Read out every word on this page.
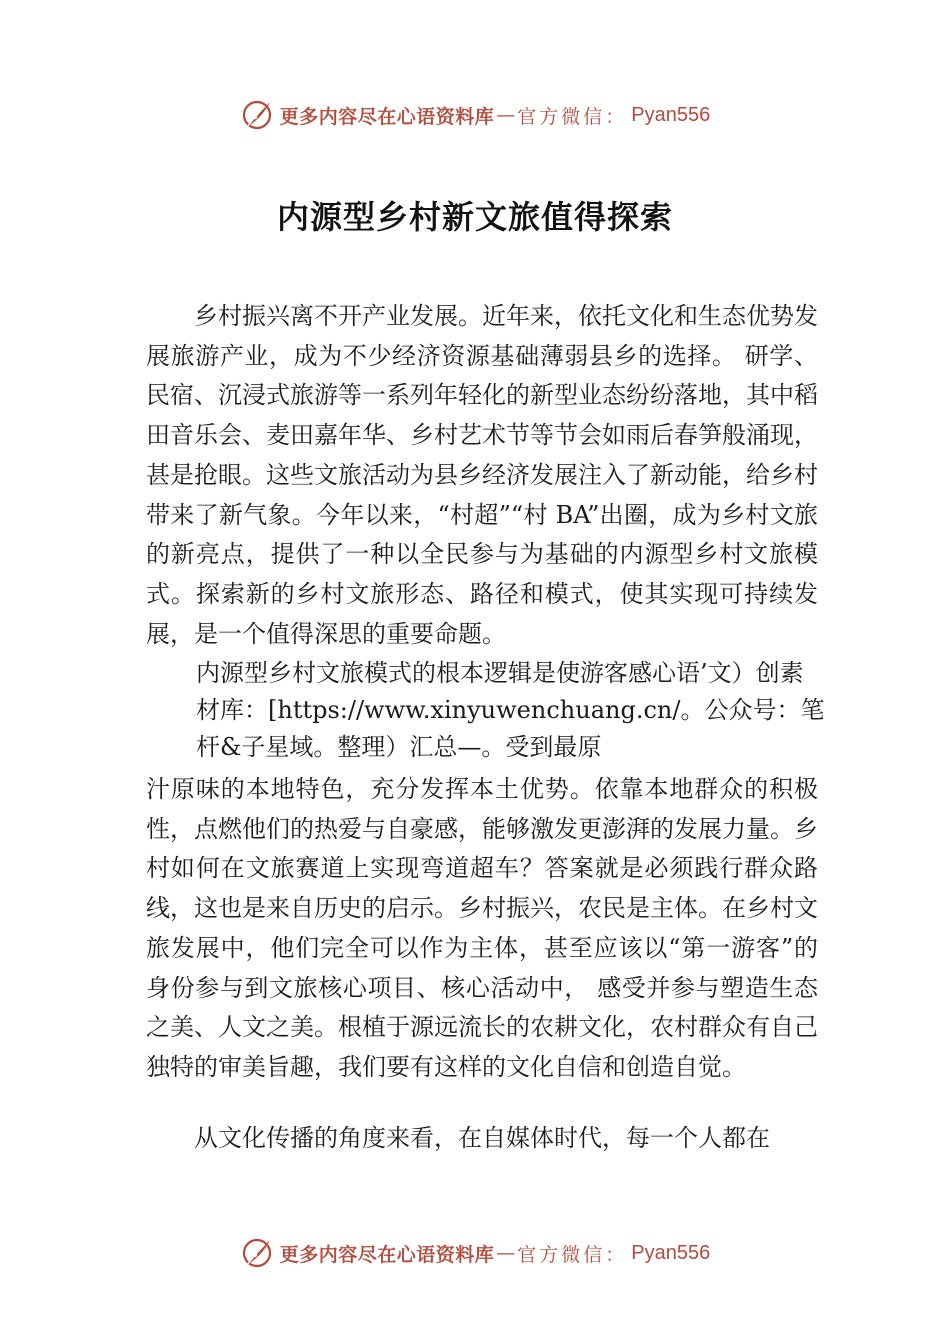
更多内容尽在心语资料库 — 官方微信： Pyan556
内源型乡村新文旅值得探索

乡村振兴离不开产业发展。近年来，依托文化和生态优势发展旅游产业，成为不少经济资源基础薄弱县乡的选择。 研学、民宿、沉浸式旅游等一系列年轻化的新型业态纷纷落地，其中稻田音乐会、麦田嘉年华、乡村艺术节等节会如雨后春笋般涌现，甚是抢眼。这些文旅活动为县乡经济发展注入了新动能，给乡村带来了新气象。今年以来，“村超”“村 BA”出圈，成为乡村文旅的新亮点，提供了一种以全民参与为基础的内源型乡村文旅模式。探索新的乡村文旅形态、路径和模式，使其实现可持续发展，是一个值得深思的重要命题。

内源型乡村文旅模式的根本逻辑是使游客感心语’文）创素材库：[https://www.xinyuwenchuang.cn/。公众号：笔杆&子星域。整理）汇总—。受到最原

汁原味的本地特色，充分发挥本土优势。依靠本地群众的积极性，点燃他们的热爱与自豪感，能够激发更澎湃的发展力量。乡村如何在文旅赛道上实现弯道超车？答案就是必须践行群众路线，这也是来自历史的启示。乡村振兴，农民是主体。在乡村文旅发展中，他们完全可以作为主体，甚至应该以“第一游客”的身份参与到文旅核心项目、核心活动中， 感受并参与塑造生态之美、人文之美。根植于源远流长的农耕文化，农村群众有自己独特的审美旨趣，我们要有这样的文化自信和创造自觉。

从文化传播的角度来看，在自媒体时代，每一个人都在

更多内容尽在心语资料库 — 官方微信： Pyan556
